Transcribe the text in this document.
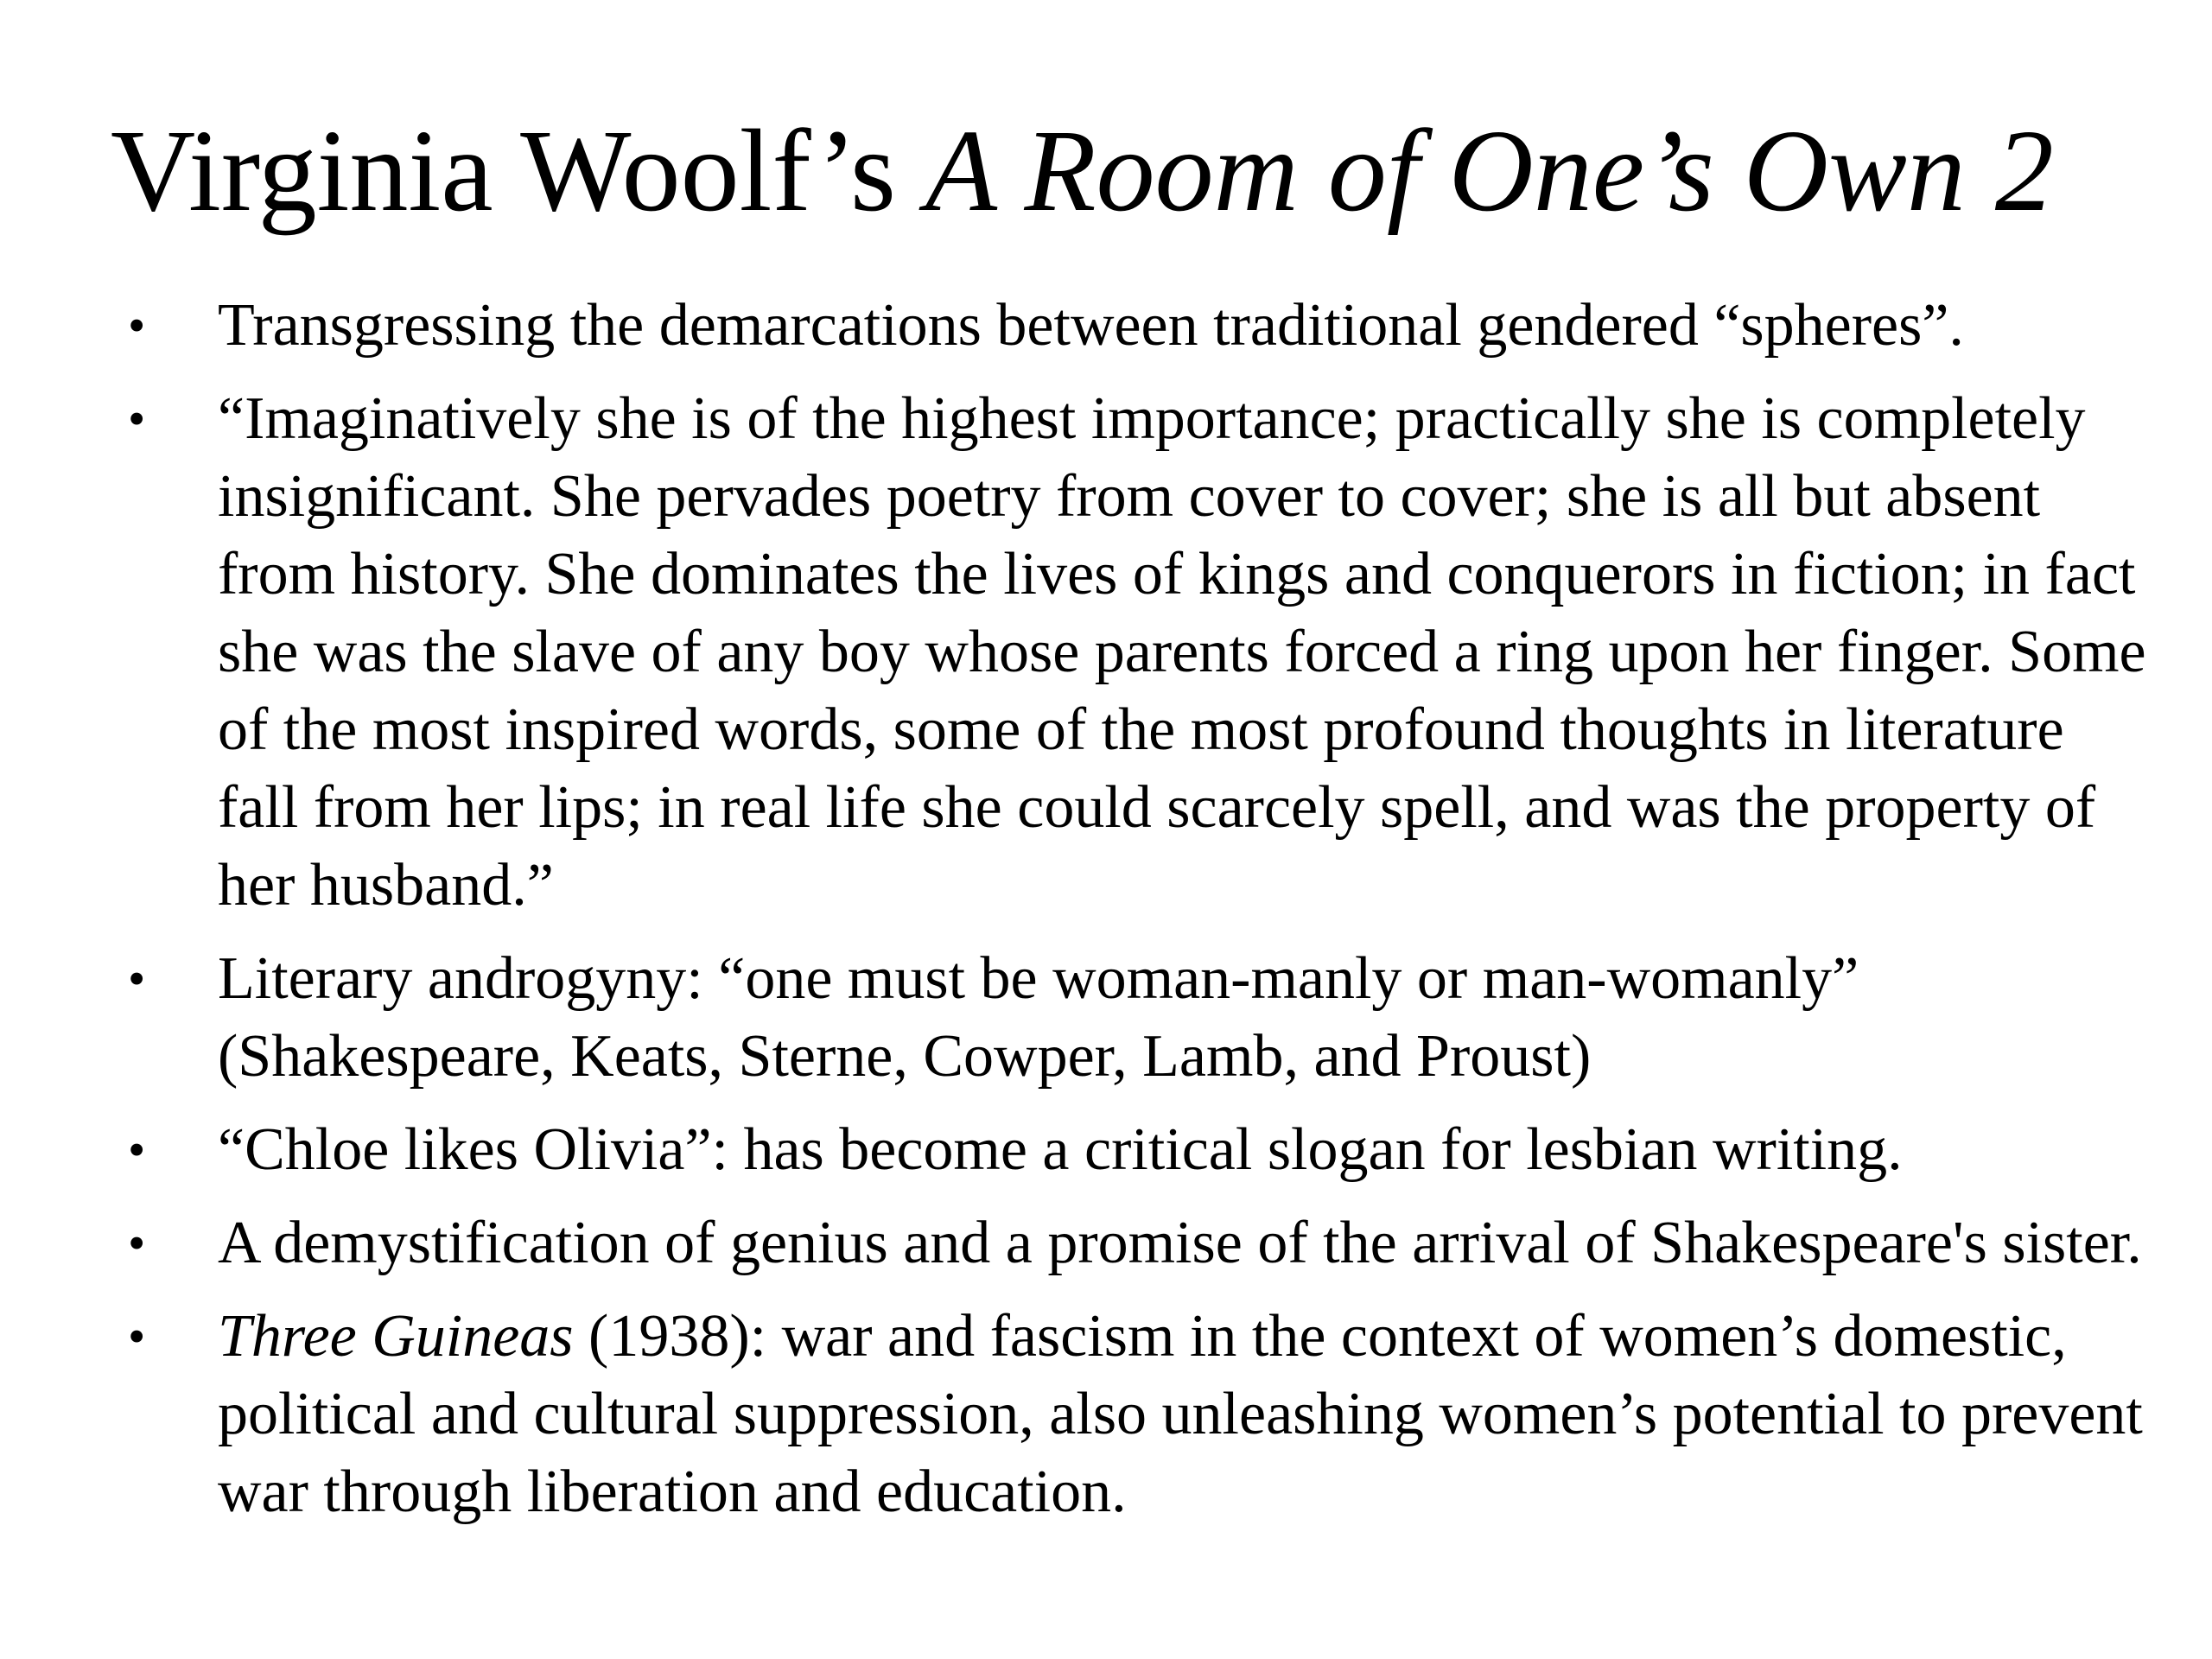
Virginia Woolf’s A Room of One’s Own 2
• Transgressing the demarcations between traditional gendered “spheres”.
• “Imaginatively she is of the highest importance; practically she is completely insignificant. She pervades poetry from cover to cover; she is all but absent from history. She dominates the lives of kings and conquerors in fiction; in fact she was the slave of any boy whose parents forced a ring upon her finger. Some of the most inspired words, some of the most profound thoughts in literature fall from her lips; in real life she could scarcely spell, and was the property of her husband.”
• Literary androgyny: “one must be woman-manly or man-womanly” (Shakespeare, Keats, Sterne, Cowper, Lamb, and Proust)
• “Chloe likes Olivia”: has become a critical slogan for lesbian writing.
• A demystification of genius and a promise of the arrival of Shakespeare's sister.
• Three Guineas (1938): war and fascism in the context of women’s domestic, political and cultural suppression, also unleashing women’s potential to prevent war through liberation and education.
